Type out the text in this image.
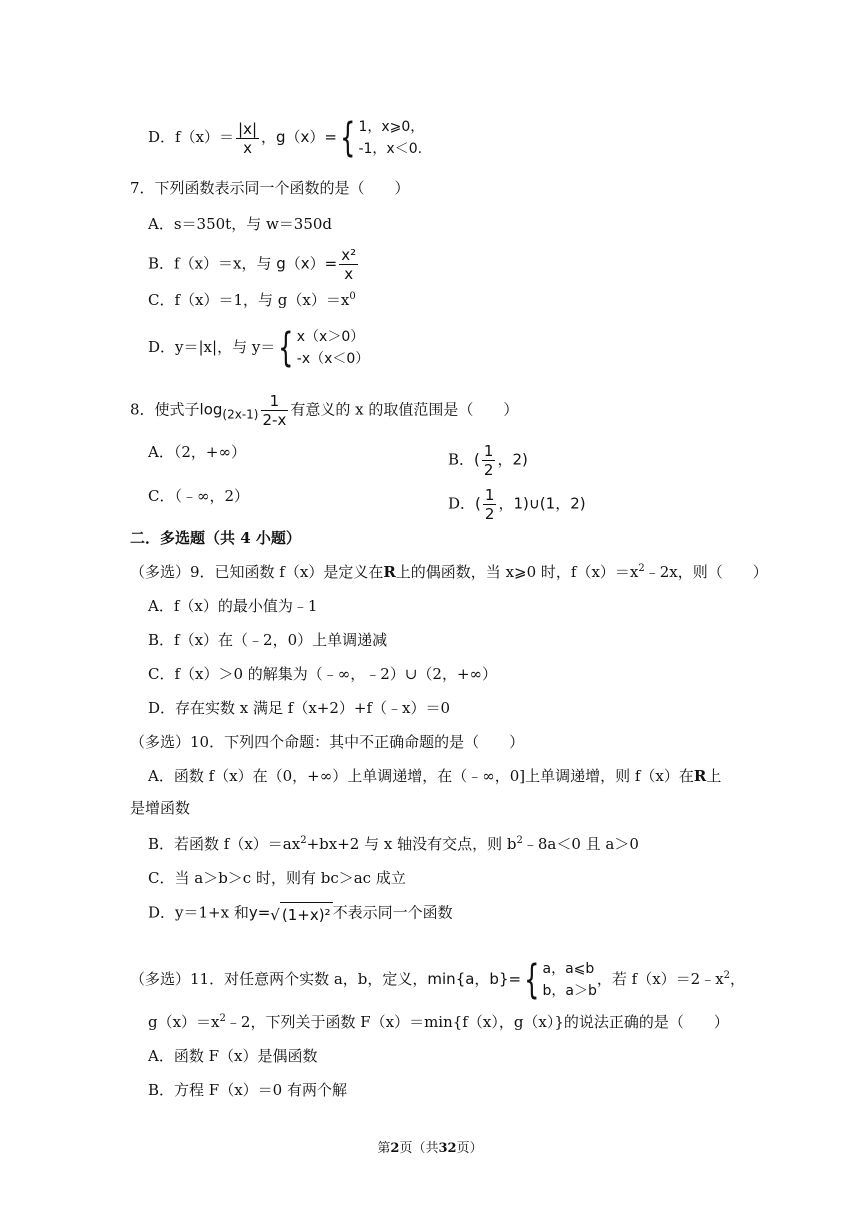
D．$f(x)= \frac{|x|}{x}$ ，g（x）={ 1，x⩾0，
-1，x＜0.
7．下列函数表示同一个函数的是（　　）
A．s＝350t，与 w＝350d
B．f（x）＝x，与 $g(x)= \frac{\text{x²}}{x}$
C．f（x）＝1，与 $g(x)=x^0$
D．y＝|x|，与 y＝{ x（x＞0）
-x（x＜0）
8．使式子$\log_{(2x-1)} \frac{1}{2-x}$ 有意义的 x 的取值范围是（　　）
A．（2，+∞）	B．( $\frac{1}{2}$ ，2)
C．（﹣∞，2）	D．( $\frac{1}{2}$ ，1)∪(1，2)
二．多选题（共 4 小题）
（多选）9．已知函数 f（x）是定义在R上的偶函数，当 x⩾0 时，$f(x)=x^2﹣2x$，则（　　）
A．f（x）的最小值为﹣1
B．f（x）在（﹣2，0）上单调递减
C．f（x）＞0 的解集为（﹣∞，﹣2）∪（2，+∞）
D．存在实数 x 满足 f（x+2）+f（﹣x）＝0
（多选）10．下列四个命题：其中不正确命题的是（　　）
A．函数 f（x）在（0，+∞）上单调递增，在（﹣∞，0]上单调递增，则 f（x）在R上
是增函数
B．若函数 $f(x)=ax^2+bx+2$ 与 x 轴没有交点，则 $b^2﹣8a<0$ 且 a＞0
C．当 a＞b＞c 时，则有 bc＞ac 成立
D．y＝1+x 和y=√ (1+x)² 不表示同一个函数
（多选）11．对任意两个实数 a，b，定义，min{a，b}={ a，a⩽b
b，a＞b
，若 $f(x)=2﹣x^2$，
$g(x)=x^2﹣2$，下列关于函数 F（x）＝min{f（x），g（x）}的说法正确的是（　　）
A．函数 F（x）是偶函数
B．方程 F（x）＝0 有两个解
第2页（共32页）
